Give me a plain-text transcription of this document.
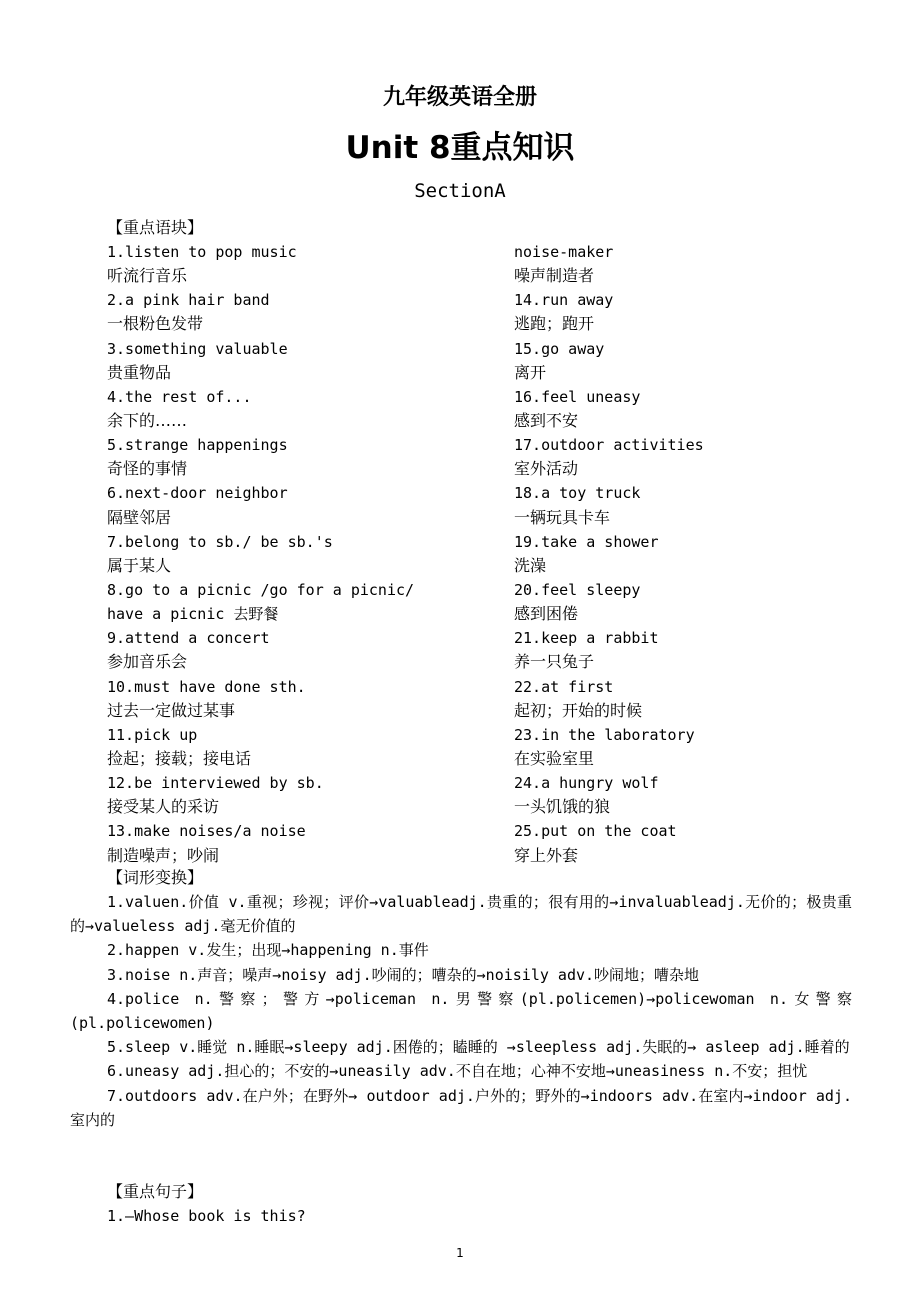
九年级英语全册
Unit 8重点知识
SectionA
【重点语块】
1.listen to pop music
听流行音乐
2.a pink hair band
一根粉色发带
3.something valuable
贵重物品
4.the rest of...
余下的……
5.strange happenings
奇怪的事情
6.next-door neighbor
隔壁邻居
7.belong to sb./ be sb.'s
属于某人
8.go to a picnic /go for a picnic/
have a picnic 去野餐
9.attend a concert
参加音乐会
10.must have done sth.
过去一定做过某事
11.pick up
捡起；接载；接电话
12.be interviewed by sb.
接受某人的采访
13.make noises/a noise
制造噪声；吵闹
noise-maker
噪声制造者
14.run away
逃跑；跑开
15.go away
离开
16.feel uneasy
感到不安
17.outdoor activities
室外活动
18.a toy truck
一辆玩具卡车
19.take a shower
洗澡
20.feel sleepy
感到困倦
21.keep a rabbit
养一只兔子
22.at first
起初；开始的时候
23.in the laboratory
在实验室里
24.a hungry wolf
一头饥饿的狼
25.put on the coat
穿上外套
【词形变换】
1.valuen.价值 v.重视；珍视；评价→valuableadj.贵重的；很有用的→invaluableadj.无价的；极贵重的→valueless adj.毫无价值的
2.happen v.发生；出现→happening n.事件
3.noise n.声音；噪声→noisy adj.吵闹的；嘈杂的→noisily adv.吵闹地；嘈杂地
4.police n.警察；警方→policeman n.男警察(pl.policemen)→policewoman n.女警察(pl.policewomen)
5.sleep v.睡觉 n.睡眠→sleepy adj.困倦的；瞌睡的 →sleepless adj.失眠的→ asleep adj.睡着的
6.uneasy adj.担心的；不安的→uneasily adv.不自在地；心神不安地→uneasiness n.不安；担忧
7.outdoors adv.在户外；在野外→ outdoor adj.户外的；野外的→indoors adv.在室内→indoor adj.室内的
【重点句子】
1.—Whose book is this?
1
